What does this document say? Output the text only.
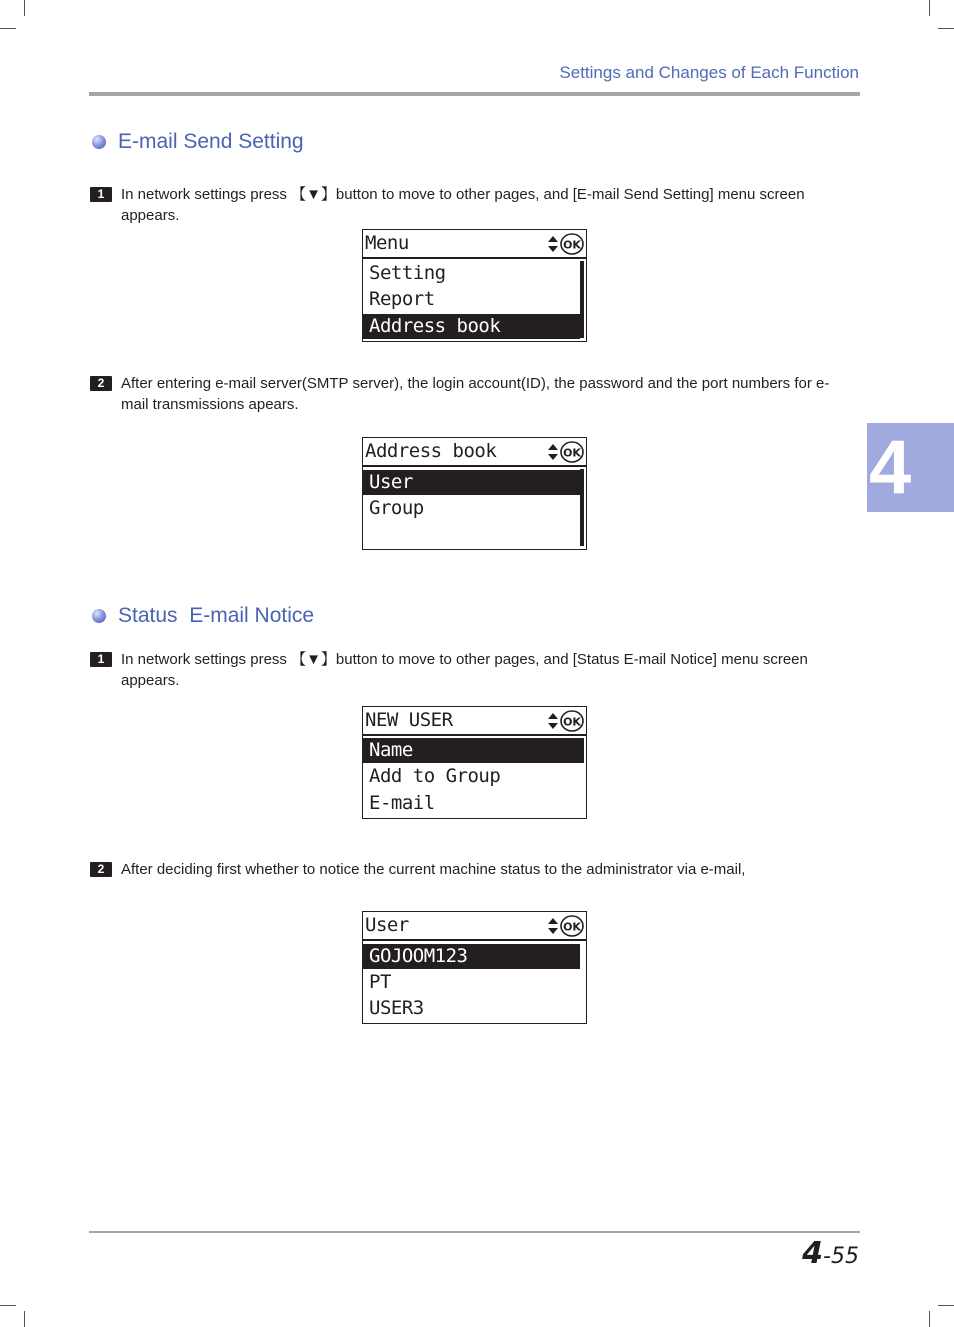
Settings and Changes of Each Function
4
E-mail Send Setting
1	In network settings press 【▼】button to move to other pages, and [E-mail Send Setting] menu screen appears.
Menu	OK
Setting
Report
Address book
2	After entering e-mail server(SMTP server), the login account(ID), the password and the port numbers for e-mail transmissions apears.
Address book	OK
User
Group
Status  E-mail Notice
1	In network settings press 【▼】button to move to other pages, and [Status E-mail Notice] menu screen appears.
NEW USER	OK
Name
Add to Group
E-mail
2	After deciding first whether to notice the current machine status to the administrator via e-mail,
User	OK
GOJOOM123
PT
USER3
4-55
